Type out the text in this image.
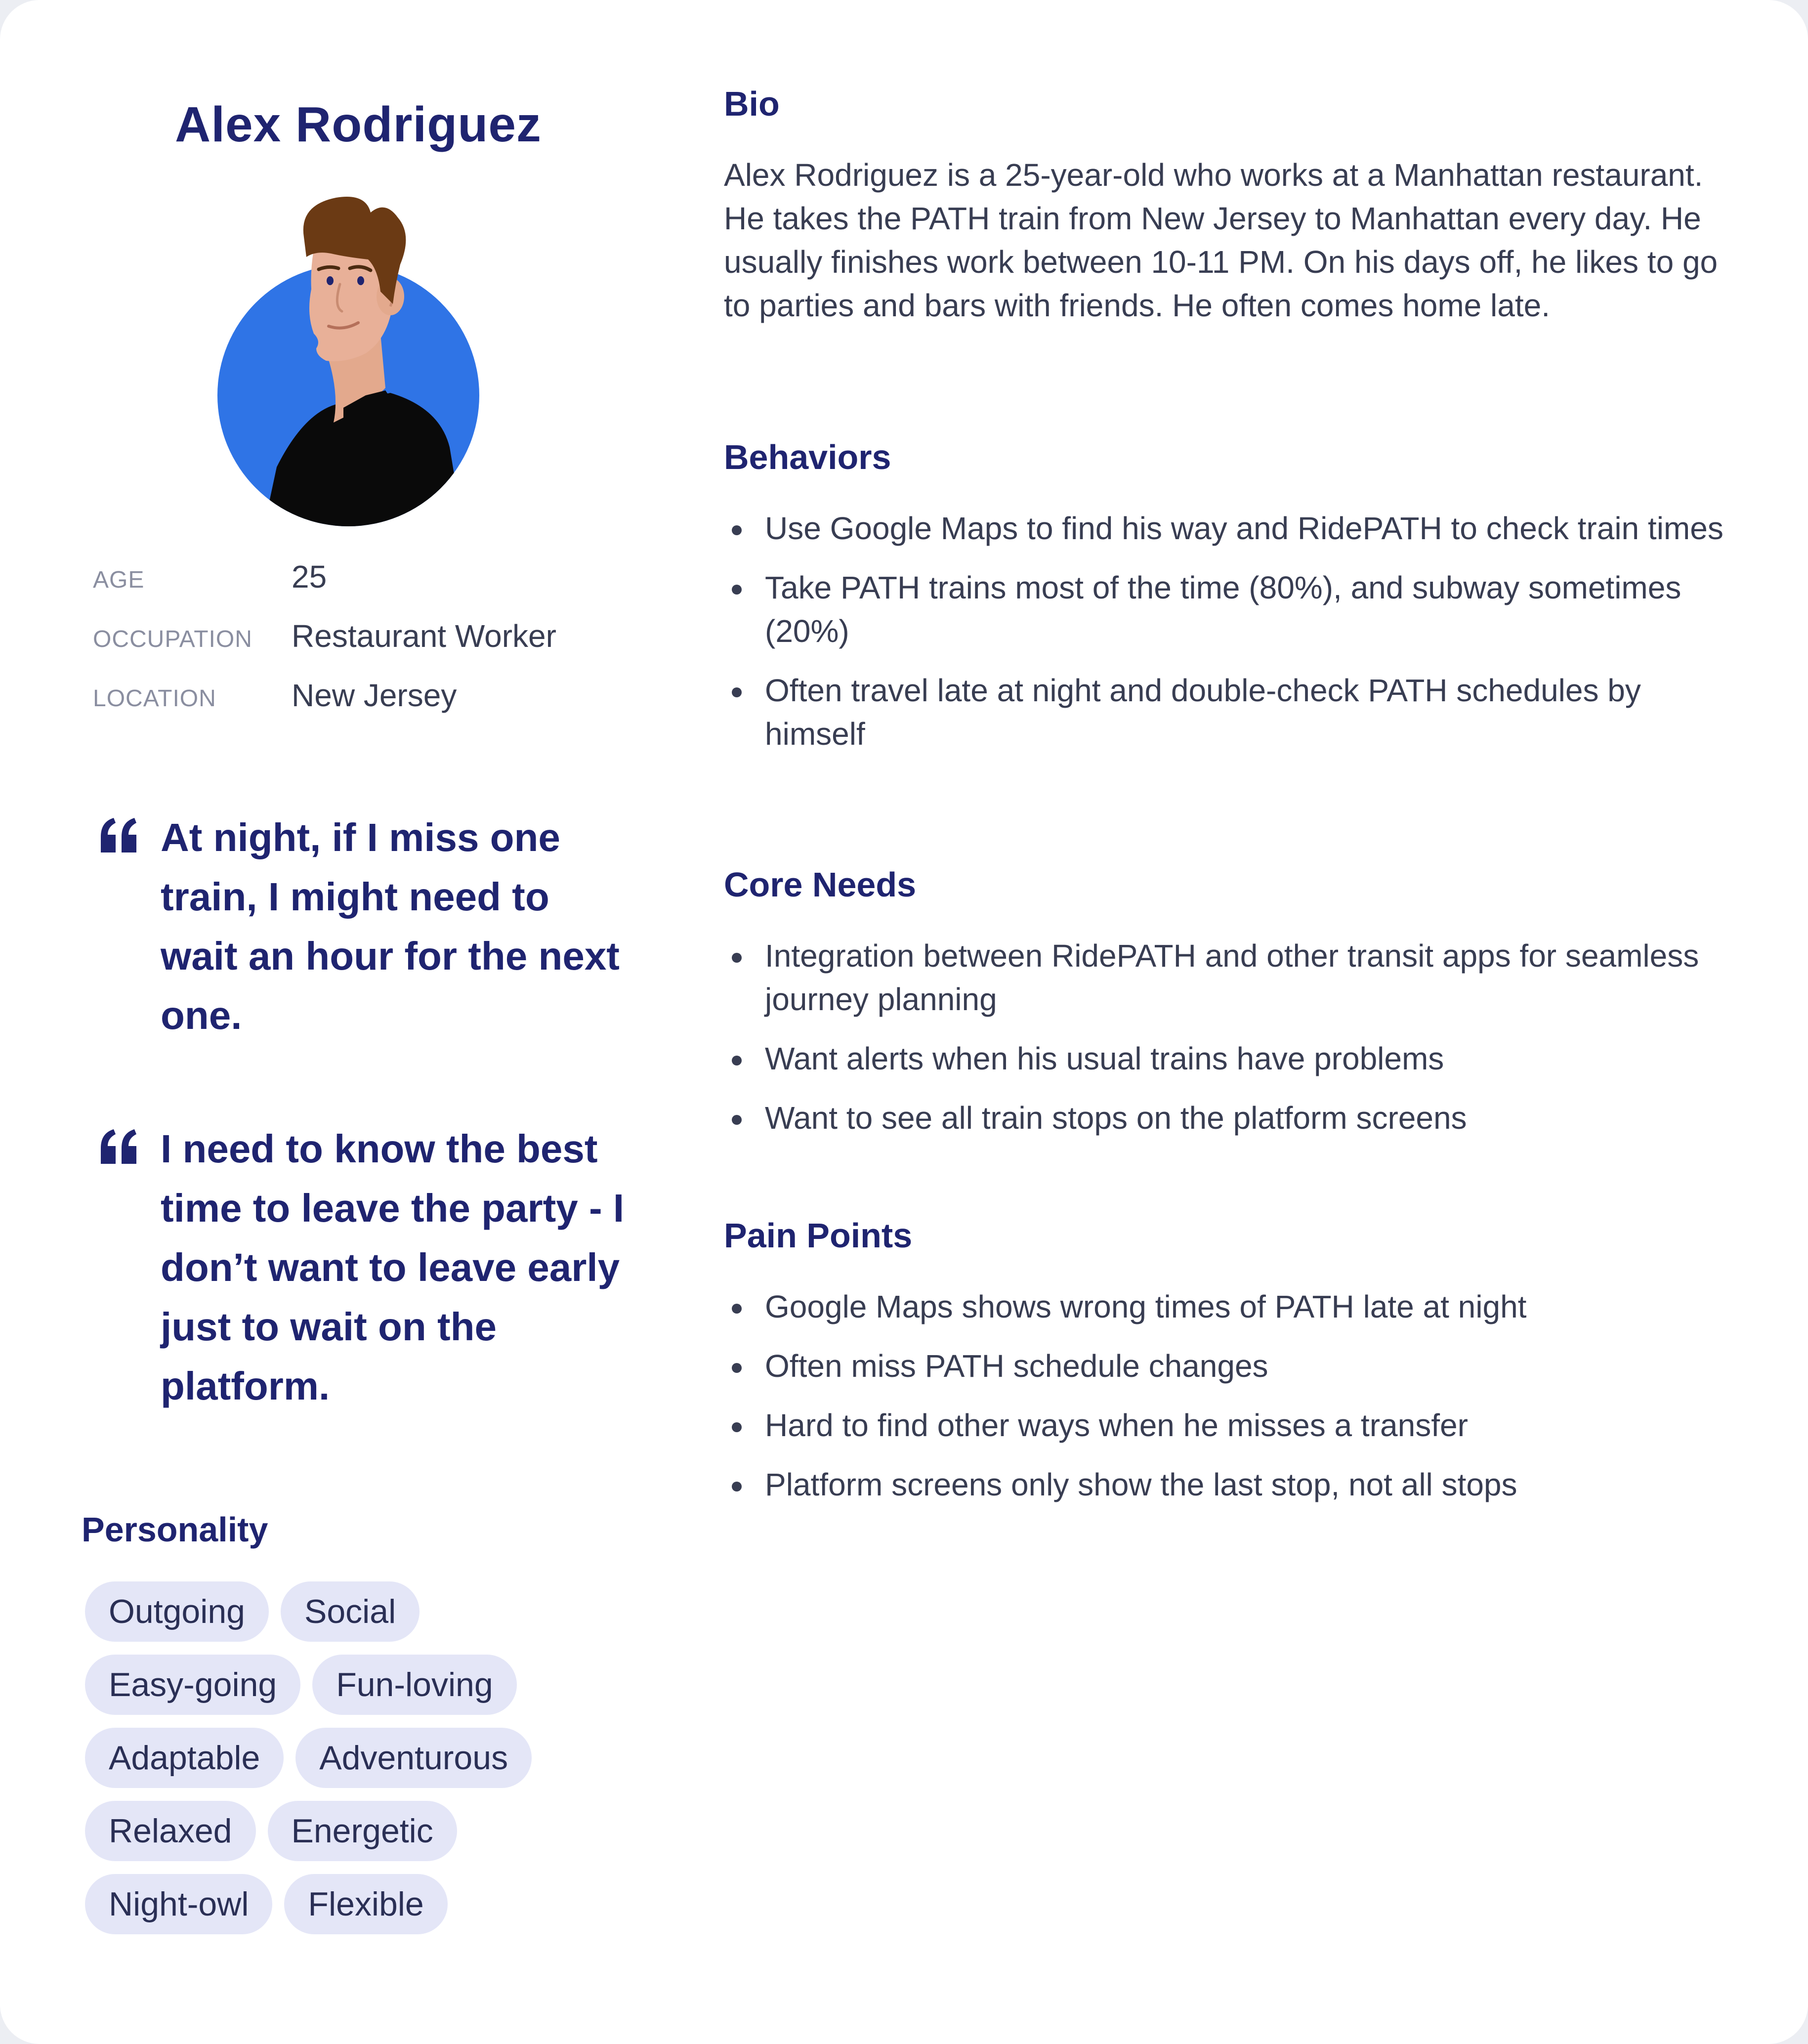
Alex Rodriguez
AGE	25
OCCUPATION Restaurant Worker
LOCATION New Jersey
At night, if I miss one train, I might need to wait an hour for the next one.
I need to know the best time to leave the party - I don’t want to leave early just to wait on the platform.
Personality
Outgoing	Social
Easy-going	Fun-loving
Adaptable	Adventurous
Relaxed	Energetic
Night-owl	Flexible
Bio
Alex Rodriguez is a 25-year-old who works at a Manhattan restaurant. He takes the PATH train from New Jersey to Manhattan every day. He usually finishes work between 10-11 PM. On his days off, he likes to go to parties and bars with friends. He often comes home late.
Behaviors
Use Google Maps to find his way and RidePATH to check train times
Take PATH trains most of the time (80%), and subway sometimes (20%)
Often travel late at night and double-check PATH schedules by himself
Core Needs
Integration between RidePATH and other transit apps for seamless journey planning
Want alerts when his usual trains have problems
Want to see all train stops on the platform screens
Pain Points
Google Maps shows wrong times of PATH late at night
Often miss PATH schedule changes
Hard to find other ways when he misses a transfer
Platform screens only show the last stop, not all stops
